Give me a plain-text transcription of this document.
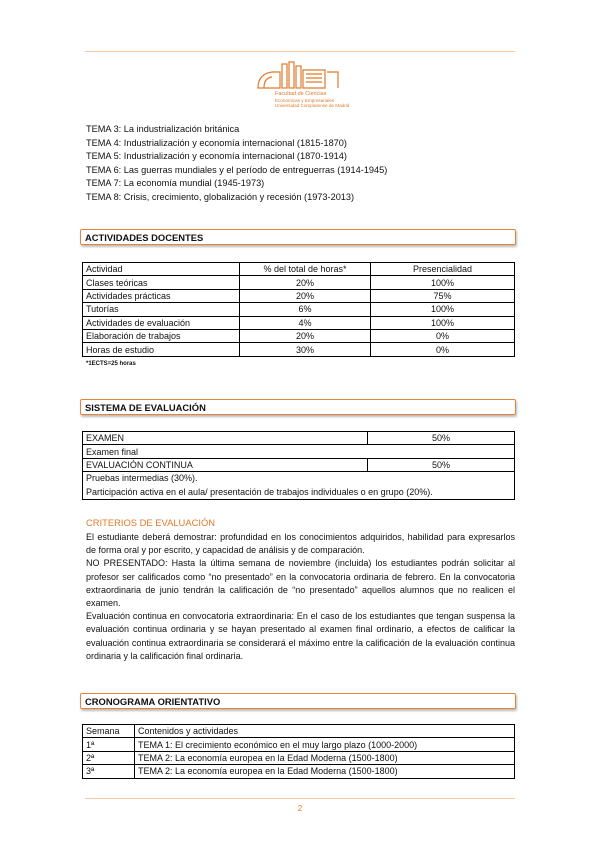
Facultad de Ciencias
Económicas y Empresariales
Universidad Complutense de Madrid
TEMA 3: La industrialización británica
TEMA 4: Industrialización y economía internacional (1815-1870)
TEMA 5: Industrialización y economía internacional (1870-1914)
TEMA 6: Las guerras mundiales y el período de entreguerras (1914-1945)
TEMA 7: La economía mundial (1945-1973)
TEMA 8: Crisis, crecimiento, globalización y recesión (1973-2013)
ACTIVIDADES DOCENTES
Actividad	% del total de horas*	Presencialidad
Clases teóricas	20%	100%
Actividades prácticas	20%	75%
Tutorías	6%	100%
Actividades de evaluación	4%	100%
Elaboración de trabajos	20%	0%
Horas de estudio	30%	0%
*1ECTS=25 horas
SISTEMA DE EVALUACIÓN
EXAMEN	50%
Examen final	
EVALUACIÓN CONTINUA	50%

Pruebas intermedias (30%).
Participación activa en el aula/ presentación de trabajos individuales o en grupo (20%).	
CRITERIOS DE EVALUACIÓN

El estudiante deberá demostrar: profundidad en los conocimientos adquiridos, habilidad para expresarlos de forma oral y por escrito, y capacidad de análisis y de comparación.

NO PRESENTADO: Hasta la última semana de noviembre (incluida) los estudiantes podrán solicitar al profesor ser calificados como “no presentado” en la convocatoria ordinaria de febrero. En la convocatoria extraordinaria de junio tendrán la calificación de “no presentado” aquellos alumnos que no realicen el examen.

Evaluación continua en convocatoria extraordinaria: En el caso de los estudiantes que tengan suspensa la evaluación continua ordinaria y se hayan presentado al examen final ordinario, a efectos de calificar la evaluación continua extraordinaria se considerará el máximo entre la calificación de la evaluación continua ordinaria y la calificación final ordinaria.

CRONOGRAMA ORIENTATIVO
Semana	Contenidos y actividades
1ª	TEMA 1: El crecimiento económico en el muy largo plazo (1000-2000)
2ª	TEMA 2: La economía europea en la Edad Moderna (1500-1800)
3ª	TEMA 2: La economía europea en la Edad Moderna (1500-1800)
2
